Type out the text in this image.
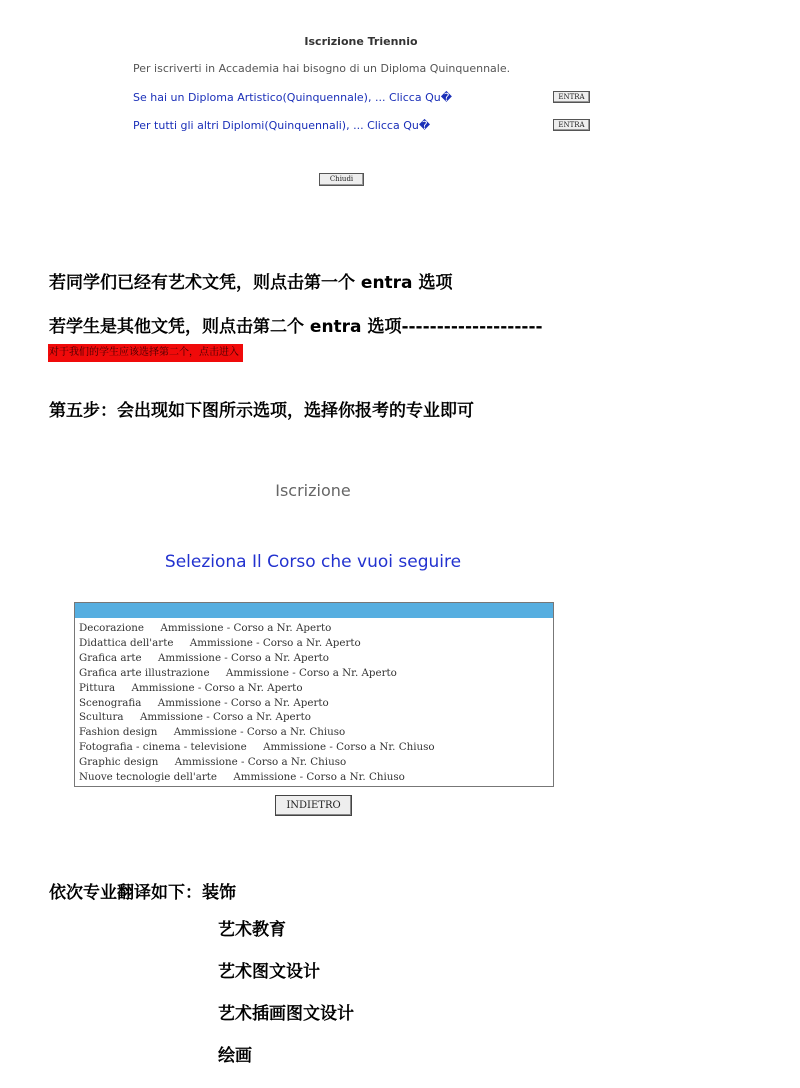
Iscrizione Triennio
Per iscriverti in Accademia hai bisogno di un Diploma Quinquennale.
Se hai un Diploma Artistico(Quinquennale), ... Clicca Qu�	ENTRA
Per tutti gli altri Diplomi(Quinquennali), ... Clicca Qu�	ENTRA
Chiudi
若同学们已经有艺术文凭，则点击第一个 entra 选项
若学生是其他文凭，则点击第二个 entra 选项--------------------
对于我们的学生应该选择第二个，点击进入
第五步：会出现如下图所示选项，选择你报考的专业即可
Iscrizione
Seleziona Il Corso che vuoi seguire
Decorazione     Ammissione - Corso a Nr. Aperto
Didattica dell'arte     Ammissione - Corso a Nr. Aperto
Grafica arte     Ammissione - Corso a Nr. Aperto
Grafica arte illustrazione     Ammissione - Corso a Nr. Aperto
Pittura     Ammissione - Corso a Nr. Aperto
Scenografia     Ammissione - Corso a Nr. Aperto
Scultura     Ammissione - Corso a Nr. Aperto
Fashion design     Ammissione - Corso a Nr. Chiuso
Fotografia - cinema - televisione     Ammissione - Corso a Nr. Chiuso
Graphic design     Ammissione - Corso a Nr. Chiuso
Nuove tecnologie dell'arte     Ammissione - Corso a Nr. Chiuso
INDIETRO
依次专业翻译如下：装饰
艺术教育
艺术图文设计
艺术插画图文设计
绘画
